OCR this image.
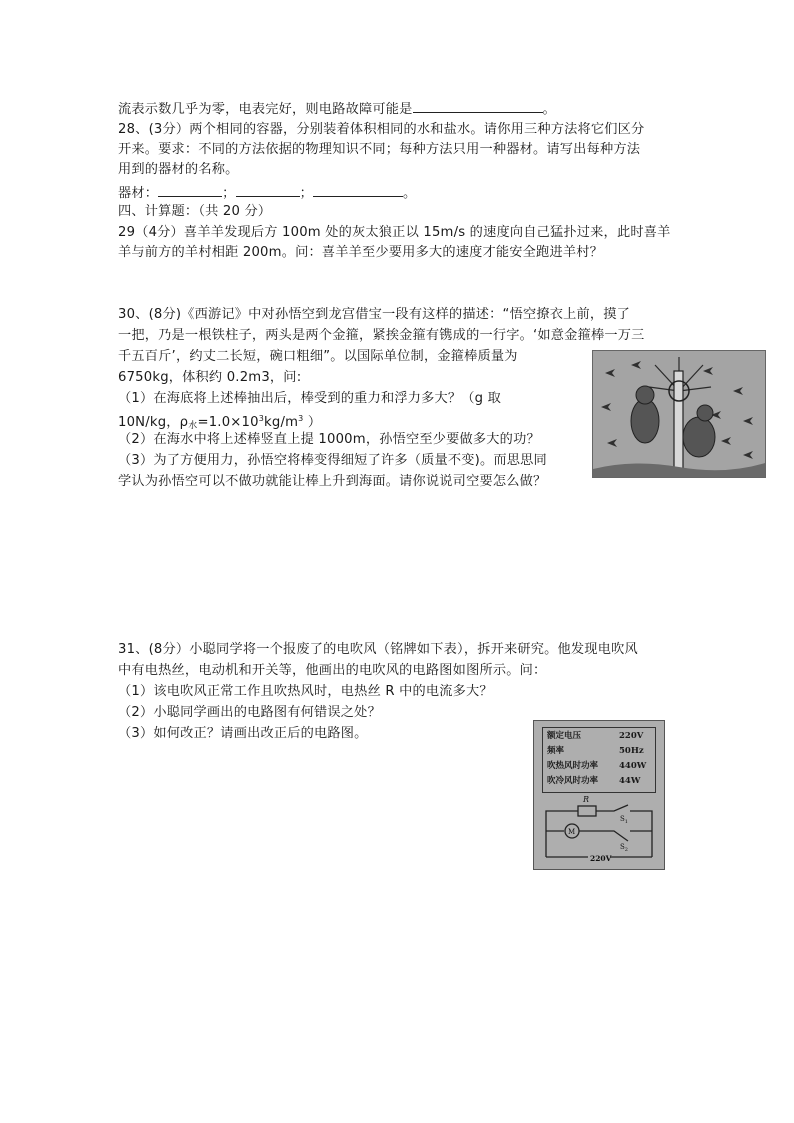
流表示数几乎为零，电表完好，则电路故障可能是	。
28、(3分）两个相同的容器，分别装着体积相同的水和盐水。请你用三种方法将它们区分
开来。要求：不同的方法依据的物理知识不同；每种方法只用一种器材。请写出每种方法
用到的器材的名称。
器材：	；	；	。
四、计算题：（共 20 分）
29（4分）喜羊羊发现后方 100m 处的灰太狼正以 15m/s 的速度向自己猛扑过来，此时喜羊
羊与前方的羊村相距 200m。问：喜羊羊至少要用多大的速度才能安全跑进羊村？
30、(8分)《西游记》中对孙悟空到龙宫借宝一段有这样的描述：“悟空撩衣上前，摸了
一把，乃是一根铁柱子，两头是两个金箍，紧挨金箍有镌成的一行字。‘如意金箍棒一万三
千五百斤’，约丈二长短，碗口粗细”。以国际单位制，金箍棒质量为
6750kg，体积约 0.2m3，问:
（1）在海底将上述棒抽出后，棒受到的重力和浮力多大？（g 取
10N/kg，$\rho_水=1.0\times 10^3kg/m^3$ ）
（2）在海水中将上述棒竖直上提 1000m，孙悟空至少要做多大的功？
（3）为了方便用力，孙悟空将棒变得细短了许多（质量不变)。而思思同
学认为孙悟空可以不做功就能让棒上升到海面。请你说说司空要怎么做？
31、(8分）小聪同学将一个报废了的电吹风（铭牌如下表），拆开来研究。他发现电吹风
中有电热丝，电动机和开关等，他画出的电吹风的电路图如图所示。问：
（1）该电吹风正常工作且吹热风时，电热丝 R 中的电流多大？
（2）小聪同学画出的电路图有何错误之处？
（3）如何改正？请画出改正后的电路图。	额定电压	220V
频率	50Hz
吹热风时功率 440W
吹冷风时功率 44W
R
M
$S_1$
$S_2$
220V
